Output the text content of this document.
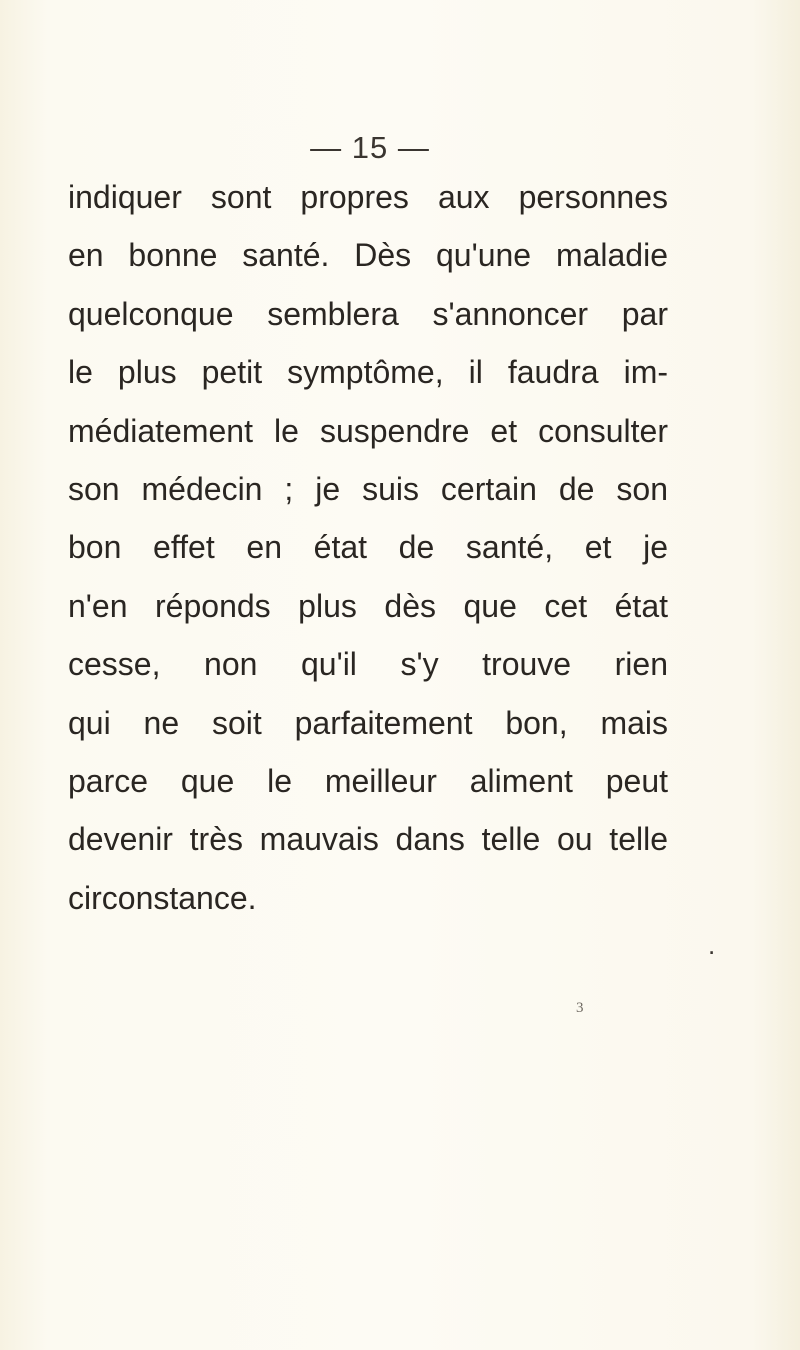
— 15 —
indiquer sont propres aux personnes
en bonne santé. Dès qu'une maladie
quelconque semblera s'annoncer par
le plus petit symptôme, il faudra im-
médiatement le suspendre et consulter
son médecin ; je suis certain de son
bon effet en état de santé, et je
n'en réponds plus dès que cet état
cesse, non qu'il s'y trouve rien
qui ne soit parfaitement bon, mais
parce que le meilleur aliment peut
devenir très mauvais dans telle ou telle
circonstance.
.
3
